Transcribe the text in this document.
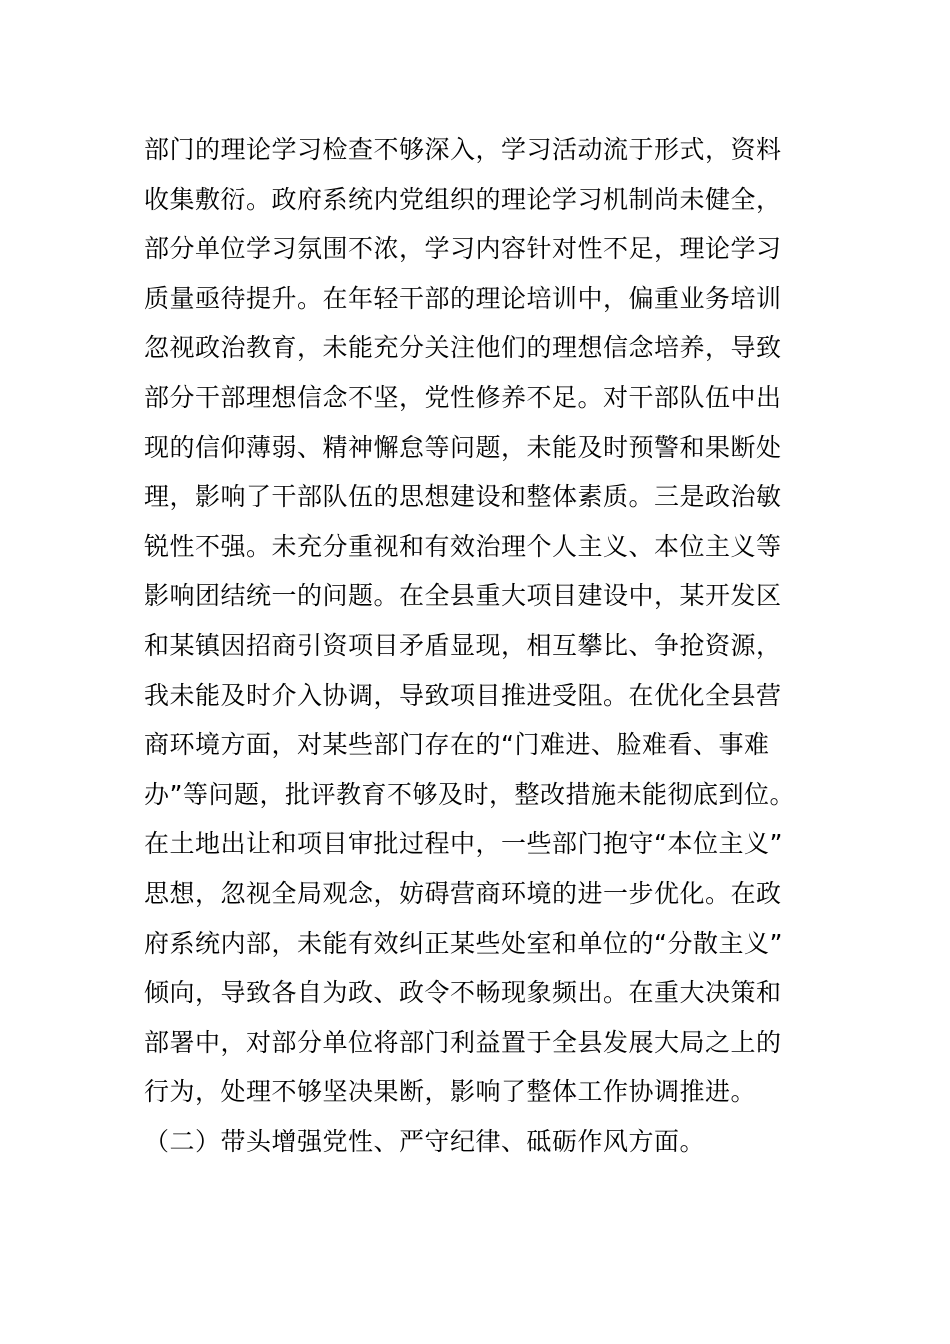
部门的理论学习检查不够深入，学习活动流于形式，资料
收集敷衍。政府系统内党组织的理论学习机制尚未健全，
部分单位学习氛围不浓，学习内容针对性不足，理论学习
质量亟待提升。在年轻干部的理论培训中，偏重业务培训
忽视政治教育，未能充分关注他们的理想信念培养，导致
部分干部理想信念不坚，党性修养不足。对干部队伍中出
现的信仰薄弱、精神懈怠等问题，未能及时预警和果断处
理，影响了干部队伍的思想建设和整体素质。三是政治敏
锐性不强。未充分重视和有效治理个人主义、本位主义等
影响团结统一的问题。在全县重大项目建设中，某开发区
和某镇因招商引资项目矛盾显现，相互攀比、争抢资源，
我未能及时介入协调，导致项目推进受阻。在优化全县营
商环境方面，对某些部门存在的“门难进、脸难看、事难
办”等问题，批评教育不够及时，整改措施未能彻底到位。
在土地出让和项目审批过程中，一些部门抱守“本位主义”
思想，忽视全局观念，妨碍营商环境的进一步优化。在政
府系统内部，未能有效纠正某些处室和单位的“分散主义”
倾向，导致各自为政、政令不畅现象频出。在重大决策和
部署中，对部分单位将部门利益置于全县发展大局之上的
行为，处理不够坚决果断，影响了整体工作协调推进。
（二）带头增强党性、严守纪律、砥砺作风方面。
